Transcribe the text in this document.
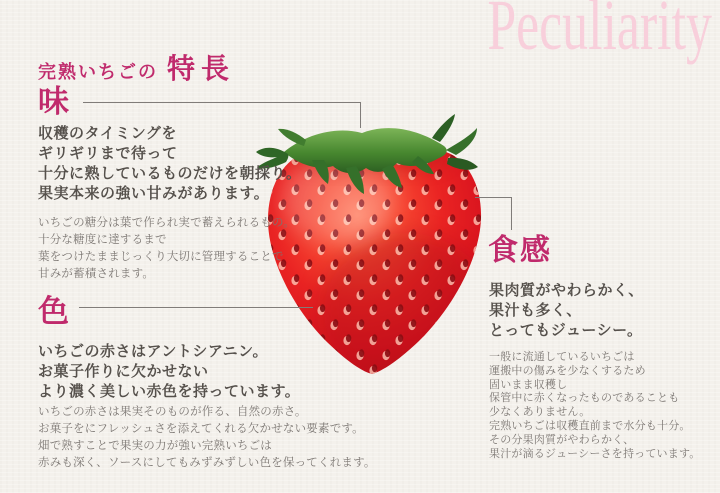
完熟いちごの 特長
Peculiarity
味

収穫のタイミングを
ギリギリまで待って
十分に熟しているものだけを朝採り。
果実本来の強い甘みがあります。

いちごの糖分は葉で作られ実で蓄えられるもの。
十分な糖度に達するまで
葉をつけたままじっくり大切に管理することで
甘みが蓄積されます。

色

いちごの赤さはアントシアニン。
お菓子作りに欠かせない
より濃く美しい赤色を持っています。

いちごの赤さは果実そのものが作る、自然の赤さ。
お菓子をにフレッシュさを添えてくれる欠かせない要素です。
畑で熟すことで果実の力が強い完熟いちごは
赤みも深く、ソースにしてもみずみずしい色を保ってくれます。

食感

果肉質がやわらかく、
果汁も多く、
とってもジューシー。

一般に流通しているいちごは
運搬中の傷みを少なくするため
固いまま収穫し
保管中に赤くなったものであることも
少なくありません。
完熟いちごは収穫直前まで水分も十分。
その分果肉質がやわらかく、
果汁が滴るジューシーさを持っています。
